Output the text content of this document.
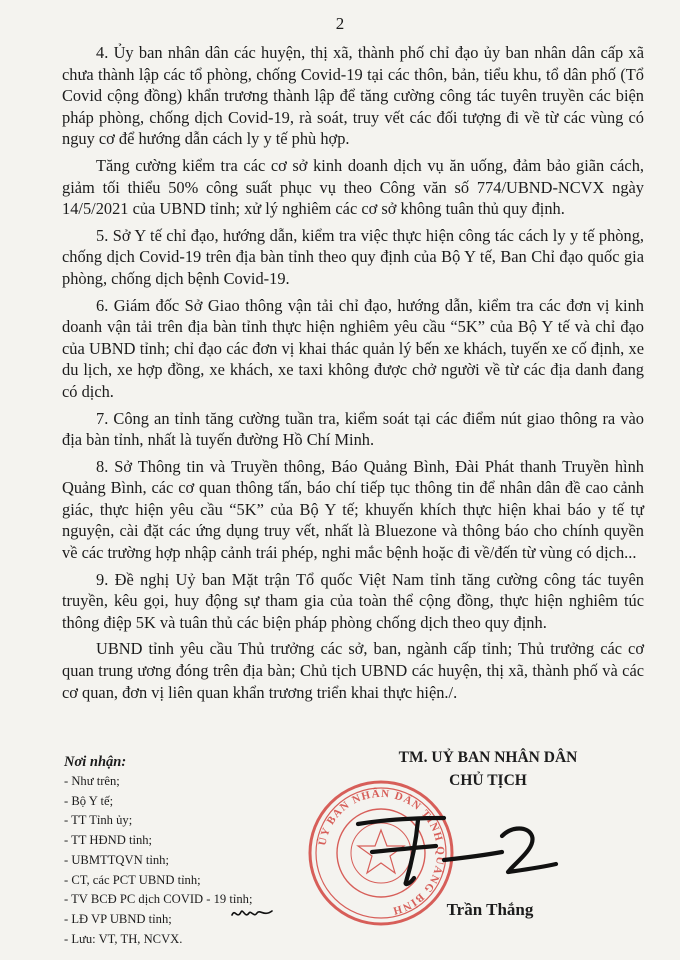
2

4. Ủy ban nhân dân các huyện, thị xã, thành phố chỉ đạo ủy ban nhân dân cấp xã chưa thành lập các tổ phòng, chống Covid-19 tại các thôn, bản, tiểu khu, tổ dân phố (Tổ Covid cộng đồng) khẩn trương thành lập để tăng cường công tác tuyên truyền các biện pháp phòng, chống dịch Covid-19, rà soát, truy vết các đối tượng đi về từ các vùng có nguy cơ để hướng dẫn cách ly y tế phù hợp.

Tăng cường kiểm tra các cơ sở kinh doanh dịch vụ ăn uống, đảm bảo giãn cách, giảm tối thiểu 50% công suất phục vụ theo Công văn số 774/UBND-NCVX ngày 14/5/2021 của UBND tỉnh; xử lý nghiêm các cơ sở không tuân thủ quy định.

5. Sở Y tế chỉ đạo, hướng dẫn, kiểm tra việc thực hiện công tác cách ly y tế phòng, chống dịch Covid-19 trên địa bàn tỉnh theo quy định của Bộ Y tế, Ban Chỉ đạo quốc gia phòng, chống dịch bệnh Covid-19.

6. Giám đốc Sở Giao thông vận tải chỉ đạo, hướng dẫn, kiểm tra các đơn vị kinh doanh vận tải trên địa bàn tỉnh thực hiện nghiêm yêu cầu “5K” của Bộ Y tế và chỉ đạo của UBND tỉnh; chỉ đạo các đơn vị khai thác quản lý bến xe khách, tuyến xe cố định, xe du lịch, xe hợp đồng, xe khách, xe taxi không được chở người về từ các địa danh đang có dịch.

7. Công an tỉnh tăng cường tuần tra, kiểm soát tại các điểm nút giao thông ra vào địa bàn tỉnh, nhất là tuyến đường Hồ Chí Minh.

8. Sở Thông tin và Truyền thông, Báo Quảng Bình, Đài Phát thanh Truyền hình Quảng Bình, các cơ quan thông tấn, báo chí tiếp tục thông tin để nhân dân đề cao cảnh giác, thực hiện yêu cầu “5K” của Bộ Y tế; khuyến khích thực hiện khai báo y tế tự nguyện, cài đặt các ứng dụng truy vết, nhất là Bluezone và thông báo cho chính quyền về các trường hợp nhập cảnh trái phép, nghi mắc bệnh hoặc đi về/đến từ vùng có dịch...

9. Đề nghị Uỷ ban Mặt trận Tổ quốc Việt Nam tỉnh tăng cường công tác tuyên truyền, kêu gọi, huy động sự tham gia của toàn thể cộng đồng, thực hiện nghiêm túc thông điệp 5K và tuân thủ các biện pháp phòng chống dịch theo quy định.

UBND tỉnh yêu cầu Thủ trưởng các sở, ban, ngành cấp tỉnh; Thủ trưởng các cơ quan trung ương đóng trên địa bàn; Chủ tịch UBND các huyện, thị xã, thành phố và các cơ quan, đơn vị liên quan khẩn trương triển khai thực hiện./.

Nơi nhận:
- Như trên;
- Bộ Y tế;
- TT Tỉnh ủy;
- TT HĐND tỉnh;
- UBMTTQVN tỉnh;
- CT, các PCT UBND tỉnh;
- TV BCĐ PC dịch COVID - 19 tỉnh;
- LĐ VP UBND tỉnh;
- Lưu: VT, TH, NCVX.
TM. UỶ BAN NHÂN DÂN
CHỦ TỊCH
ỦY BAN NHÂN DÂN TỈNH QUẢNG BÌNH	Trần Thắng
